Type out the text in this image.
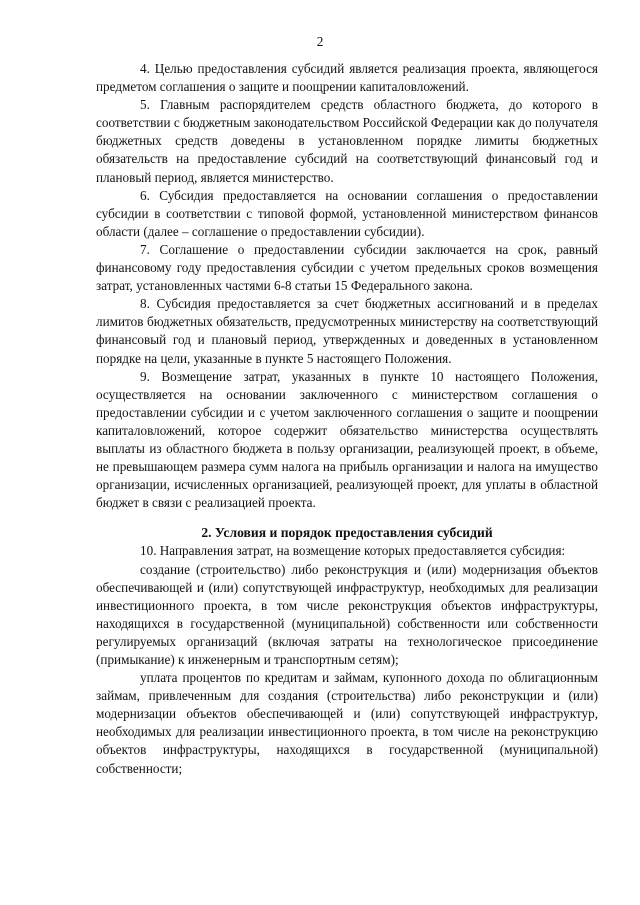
2

4. Целью предоставления субсидий является реализация проекта, являющегося предметом соглашения о защите и поощрении капиталовложений.

5. Главным распорядителем средств областного бюджета, до которого в соответствии с бюджетным законодательством Российской Федерации как до получателя бюджетных средств доведены в установленном порядке лимиты бюджетных обязательств на предоставление субсидий на соответствующий финансовый год и плановый период, является министерство.

6. Субсидия предоставляется на основании соглашения о предоставлении субсидии в соответствии с типовой формой, установленной министерством финансов области (далее – соглашение о предоставлении субсидии).

7. Соглашение о предоставлении субсидии заключается на срок, равный финансовому году предоставления субсидии с учетом предельных сроков возмещения затрат, установленных частями 6-8 статьи 15 Федерального закона.

8. Субсидия предоставляется за счет бюджетных ассигнований и в пределах лимитов бюджетных обязательств, предусмотренных министерству на соответствующий финансовый год и плановый период, утвержденных и доведенных в установленном порядке на цели, указанные в пункте 5 настоящего Положения.

9. Возмещение затрат, указанных в пункте 10 настоящего Положения, осуществляется на основании заключенного с министерством соглашения о предоставлении субсидии и с учетом заключенного соглашения о защите и поощрении капиталовложений, которое содержит обязательство министерства осуществлять выплаты из областного бюджета в пользу организации, реализующей проект, в объеме, не превышающем размера сумм налога на прибыль организации и налога на имущество организации, исчисленных организацией, реализующей проект, для уплаты в областной бюджет в связи с реализацией проекта.

2. Условия и порядок предоставления субсидий

10. Направления затрат, на возмещение которых предоставляется субсидия:

создание (строительство) либо реконструкция и (или) модернизация объектов обеспечивающей и (или) сопутствующей инфраструктур, необходимых для реализации инвестиционного проекта, в том числе реконструкция объектов инфраструктуры, находящихся в государственной (муниципальной) собственности или собственности регулируемых организаций (включая затраты на технологическое присоединение (примыкание) к инженерным и транспортным сетям);

уплата процентов по кредитам и займам, купонного дохода по облигационным займам, привлеченным для создания (строительства) либо реконструкции и (или) модернизации объектов обеспечивающей и (или) сопутствующей инфраструктур, необходимых для реализации инвестиционного проекта, в том числе на реконструкцию объектов инфраструктуры, находящихся в государственной (муниципальной) собственности;
